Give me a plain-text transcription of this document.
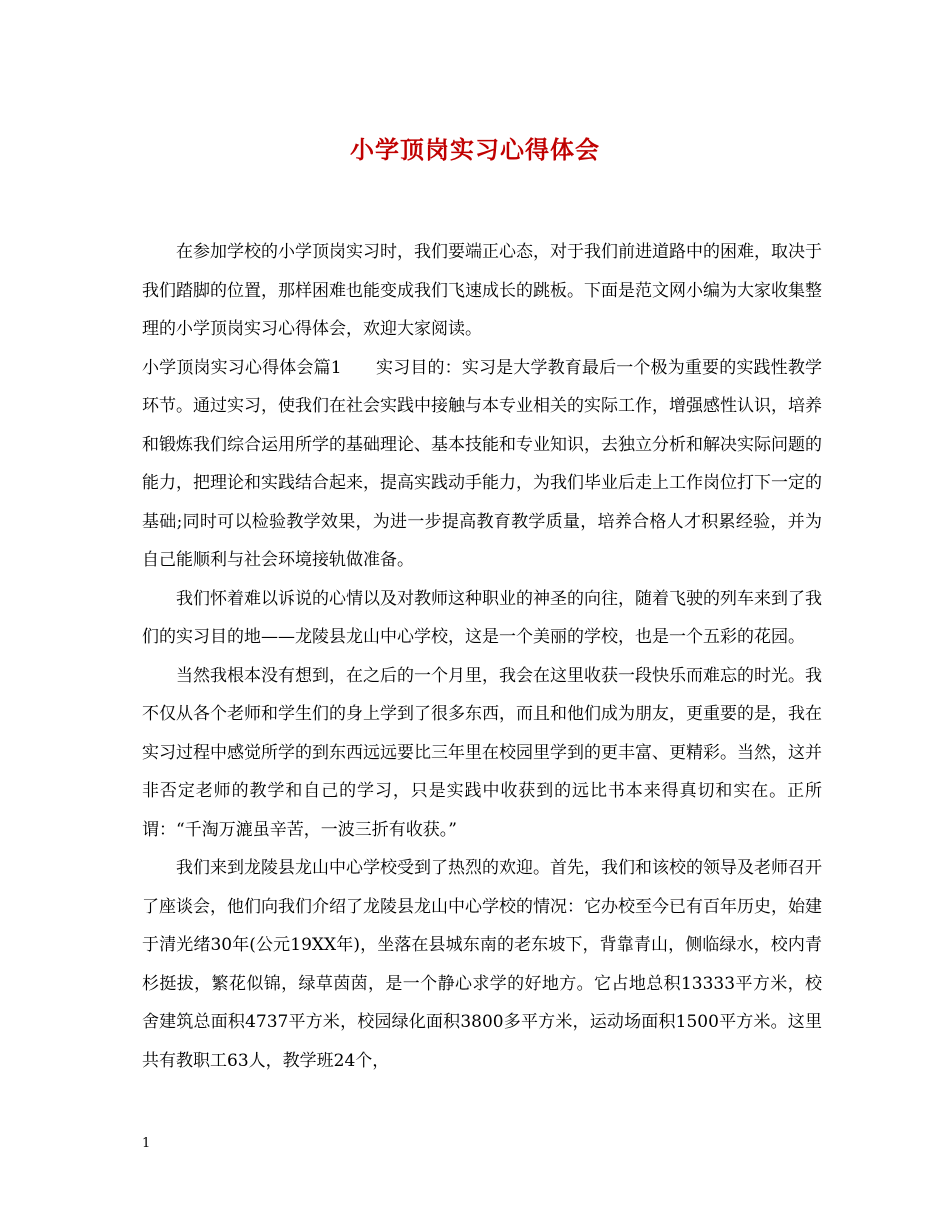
小学顶岗实习心得体会

在参加学校的小学顶岗实习时，我们要端正心态，对于我们前进道路中的困难，取决于我们踏脚的位置，那样困难也能变成我们飞速成长的跳板。下面是范文网小编为大家收集整理的小学顶岗实习心得体会，欢迎大家阅读。

小学顶岗实习心得体会篇1　　实习目的：实习是大学教育最后一个极为重要的实践性教学环节。通过实习，使我们在社会实践中接触与本专业相关的实际工作，增强感性认识，培养和锻炼我们综合运用所学的基础理论、基本技能和专业知识，去独立分析和解决实际问题的能力，把理论和实践结合起来，提高实践动手能力，为我们毕业后走上工作岗位打下一定的基础;同时可以检验教学效果，为进一步提高教育教学质量，培养合格人才积累经验，并为自己能顺利与社会环境接轨做准备。

我们怀着难以诉说的心情以及对教师这种职业的神圣的向往，随着飞驶的列车来到了我们的实习目的地——龙陵县龙山中心学校，这是一个美丽的学校，也是一个五彩的花园。

当然我根本没有想到，在之后的一个月里，我会在这里收获一段快乐而难忘的时光。我不仅从各个老师和学生们的身上学到了很多东西，而且和他们成为朋友，更重要的是，我在实习过程中感觉所学的到东西远远要比三年里在校园里学到的更丰富、更精彩。当然，这并非否定老师的教学和自己的学习，只是实践中收获到的远比书本来得真切和实在。正所谓：“千淘万漉虽辛苦，一波三折有收获。”

我们来到龙陵县龙山中心学校受到了热烈的欢迎。首先，我们和该校的领导及老师召开了座谈会，他们向我们介绍了龙陵县龙山中心学校的情况：它办校至今已有百年历史，始建于清光绪30年(公元19XX年)，坐落在县城东南的老东坡下，背靠青山，侧临绿水，校内青杉挺拔，繁花似锦，绿草茵茵，是一个静心求学的好地方。它占地总积13333平方米，校舍建筑总面积4737平方米，校园绿化面积3800多平方米，运动场面积1500平方米。这里共有教职工63人，教学班24个，

1
